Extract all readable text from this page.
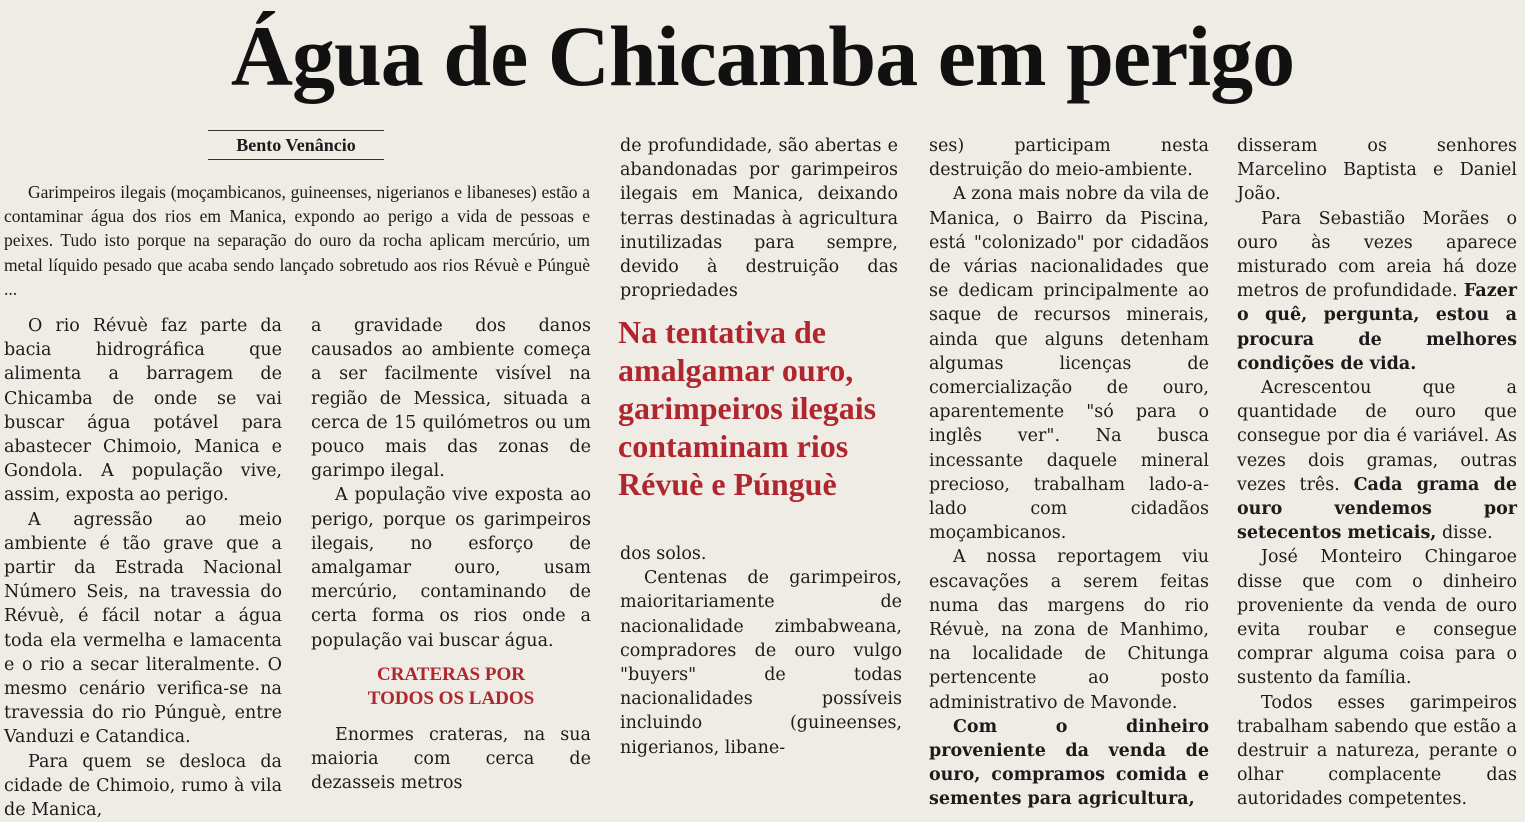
Água de Chicamba em perigo
Bento Venâncio

Garimpeiros ilegais (moçambicanos, guineenses, nigerianos e libaneses) estão a contaminar água dos rios em Manica, expondo ao perigo a vida de pessoas e peixes. Tudo isto porque na separação do ouro da rocha aplicam mercúrio, um metal líquido pesado que acaba sendo lançado sobretudo aos rios Révuè e Púnguè ...

O rio Révuè faz parte da bacia hidrográfica que alimenta a barragem de Chicamba de onde se vai buscar água potável para abastecer Chimoio, Manica e Gondola. A população vive, assim, exposta ao perigo.

A agressão ao meio ambiente é tão grave que a partir da Estrada Nacional Número Seis, na travessia do Révuè, é fácil notar a água toda ela vermelha e lamacenta e o rio a secar literalmente. O mesmo cenário verifica-se na travessia do rio Púnguè, entre Vanduzi e Catandica.

Para quem se desloca da cidade de Chimoio, rumo à vila de Manica,

a gravidade dos danos causados ao ambiente começa a ser facilmente visível na região de Messica, situada a cerca de 15 quilómetros ou um pouco mais das zonas de garimpo ilegal.

A população vive exposta ao perigo, porque os garimpeiros ilegais, no esforço de amalgamar ouro, usam mercúrio, contaminando de certa forma os rios onde a população vai buscar água.

CRATERAS POR
TODOS OS LADOS

Enormes crateras, na sua maioria com cerca de dezasseis metros

de profundidade, são abertas e abandonadas por garimpeiros ilegais em Manica, deixando terras destinadas à agricultura inutilizadas para sempre, devido à destruição das propriedades

Na tentativa de amalgamar ouro, garimpeiros ilegais contaminam rios Révuè e Púnguè

dos solos.

Centenas de garimpeiros, maioritariamente de nacionalidade zimbabweana, compradores de ouro vulgo "buyers" de todas nacionalidades possíveis incluindo (guineenses, nigerianos, libane-

ses) participam nesta destruição do meio-ambiente.

A zona mais nobre da vila de Manica, o Bairro da Piscina, está "colonizado" por cidadãos de várias nacionalidades que se dedicam principalmente ao saque de recursos minerais, ainda que alguns detenham algumas licenças de comercialização de ouro, aparentemente "só para o inglês ver". Na busca incessante daquele mineral precioso, trabalham lado-a-lado com cidadãos moçambicanos.

A nossa reportagem viu escavações a serem feitas numa das margens do rio Révuè, na zona de Manhimo, na localidade de Chitunga pertencente ao posto administrativo de Mavonde.

Com o dinheiro proveniente da venda de ouro, compramos comida e sementes para agricultura,

disseram os senhores Marcelino Baptista e Daniel João.

Para Sebastião Morães o ouro às vezes aparece misturado com areia há doze metros de profundidade. Fazer o quê, pergunta, estou a procura de melhores condições de vida.

Acrescentou que a quantidade de ouro que consegue por dia é variável. As vezes dois gramas, outras vezes três. Cada grama de ouro vendemos por setecentos meticais, disse.

José Monteiro Chingaroe disse que com o dinheiro proveniente da venda de ouro evita roubar e consegue comprar alguma coisa para o sustento da família.

Todos esses garimpeiros trabalham sabendo que estão a destruir a natureza, perante o olhar complacente das autoridades competentes.
